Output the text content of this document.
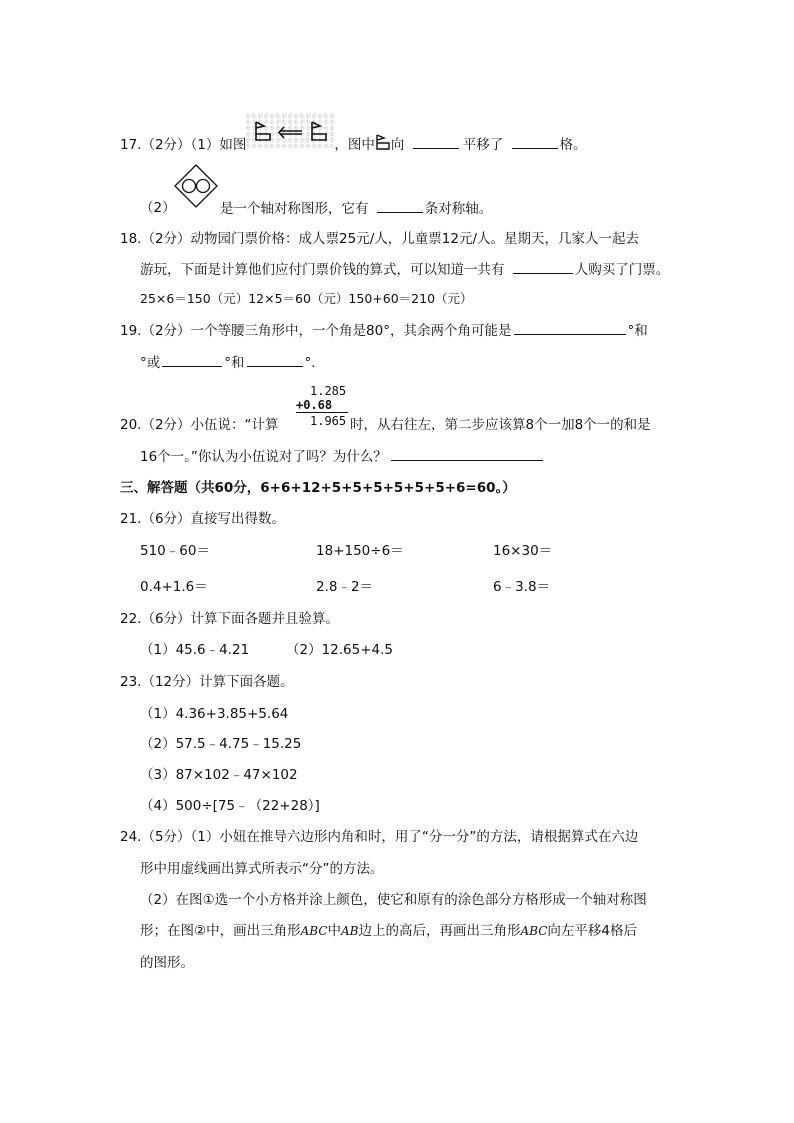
17.（2分）（1）如图	，图中 向	平移了	格。
（2）	是一个轴对称图形，它有	条对称轴。
18.（2分）动物园门票价格：成人票25元/人，儿童票12元/人。星期天，几家人一起去
游玩，下面是计算他们应付门票价钱的算式，可以知道一共有	人购买了门票。
25×6＝150（元）12×5＝60（元）150+60＝210（元）
19.（2分）一个等腰三角形中，一个角是80°，其余两个角可能是	°和
°或	°和	°.
1.285
+0.68
1.965
20.（2分）小伍说：“计算	时，从右往左，第二步应该算8个一加8个一的和是
16个一。”你认为小伍说对了吗？为什么？
三、解答题（共60分，6+6+12+5+5+5+5+5+5+6=60。）
21.（6分）直接写出得数。
510﹣60＝	18+150÷6＝	16×30＝
0.4+1.6＝	2.8﹣2＝	6﹣3.8＝
22.（6分）计算下面各题并且验算。
（1）45.6﹣4.21	（2）12.65+4.5
23.（12分）计算下面各题。
（1）4.36+3.85+5.64
（2）57.5﹣4.75﹣15.25
（3）87×102﹣47×102
（4）500÷[75﹣（22+28）]
24.（5分）（1）小妞在推导六边形内角和时，用了“分一分”的方法，请根据算式在六边
形中用虚线画出算式所表示“分”的方法。
（2）在图①选一个小方格并涂上颜色，使它和原有的涂色部分方格形成一个轴对称图
形；在图②中，画出三角形ABC中AB边上的高后，再画出三角形ABC向左平移4格后
的图形。
